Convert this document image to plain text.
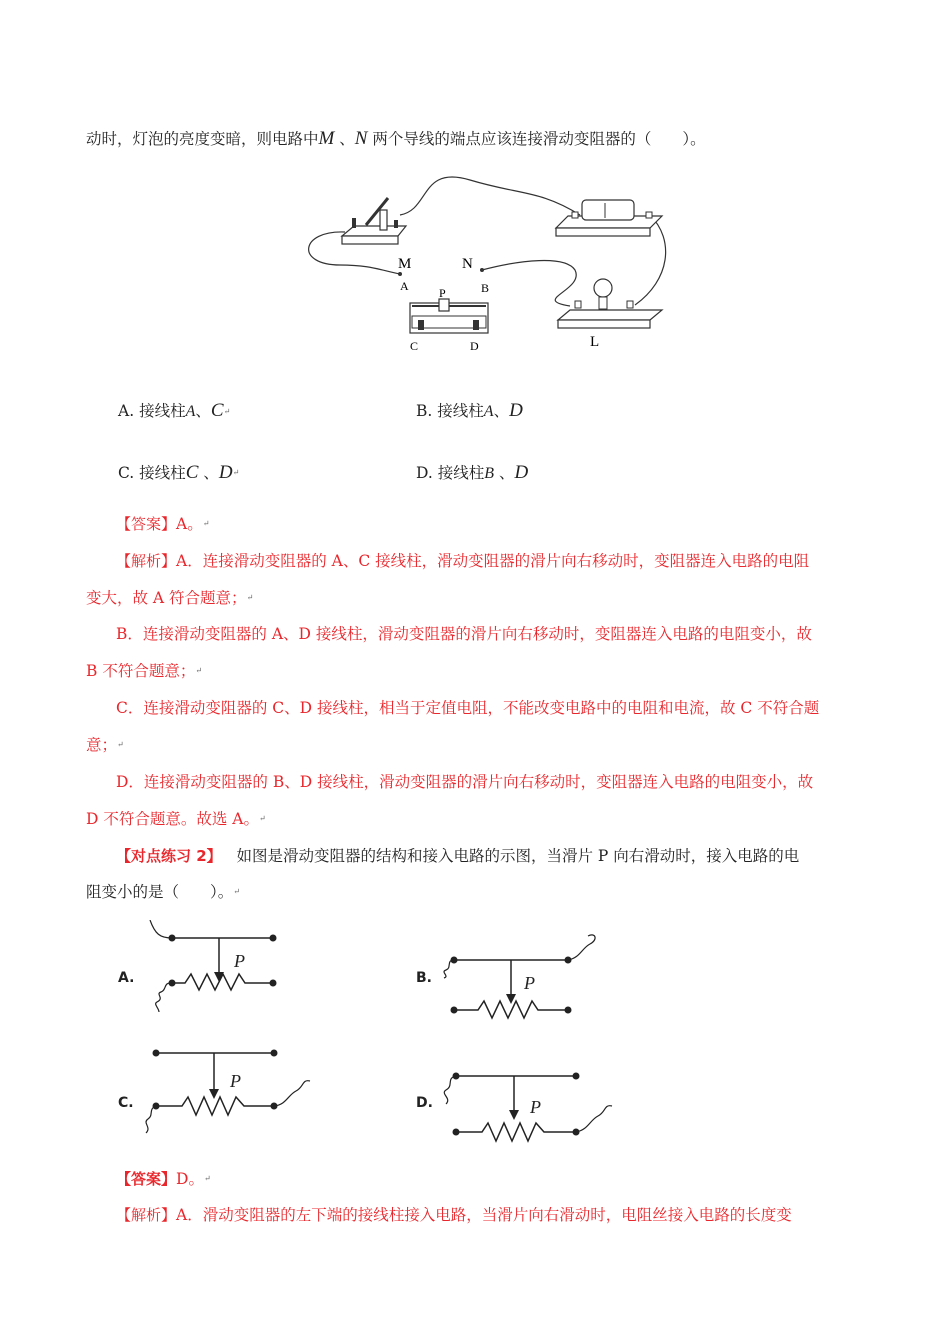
动时，灯泡的亮度变暗，则电路中M 、N 两个导线的端点应该连接滑动变阻器的（　　）。
M	N
A	B
P
C	D	L
A. 接线柱A、C↵	B. 接线柱A、D
C. 接线柱C 、D↵	D. 接线柱B 、D
【答案】A。↵
【解析】A．连接滑动变阻器的 A、C 接线柱，滑动变阻器的滑片向右移动时，变阻器连入电路的电阻
变大，故 A 符合题意；↵
B．连接滑动变阻器的 A、D 接线柱，滑动变阻器的滑片向右移动时，变阻器连入电路的电阻变小，故
B 不符合题意；↵
C．连接滑动变阻器的 C、D 接线柱，相当于定值电阻，不能改变电路中的电阻和电流，故 C 不符合题
意；↵
D．连接滑动变阻器的 B、D 接线柱，滑动变阻器的滑片向右移动时，变阻器连入电路的电阻变小，故
D 不符合题意。故选 A。↵
【对点练习 2】 如图是滑动变阻器的结构和接入电路的示图，当滑片 P 向右滑动时，接入电路的电
阻变小的是（　　）。↵
A.	B.
C.	D.
P
P
P
P
【答案】D。↵
【解析】A．滑动变阻器的左下端的接线柱接入电路，当滑片向右滑动时，电阻丝接入电路的长度变
